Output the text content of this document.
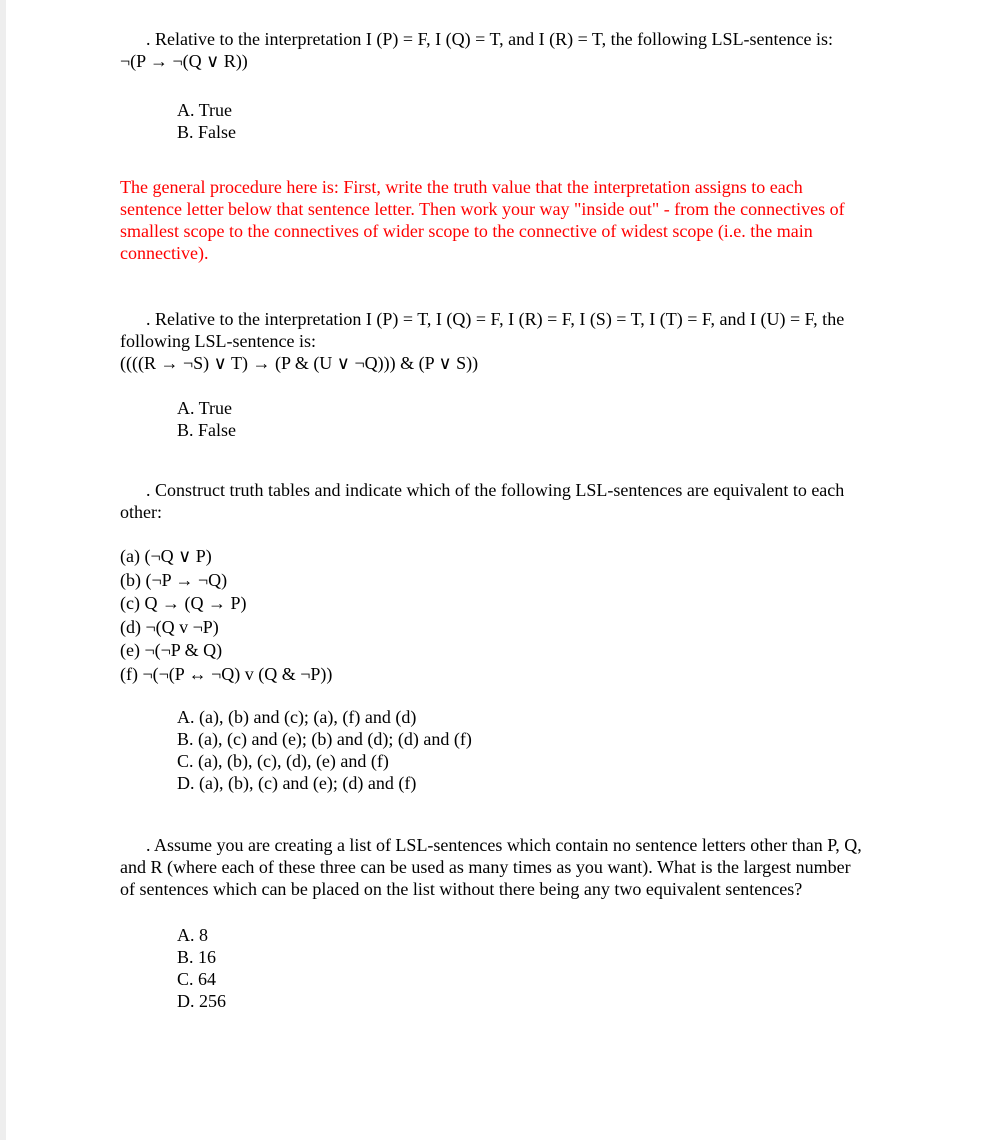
. Relative to the interpretation I (P) = F, I (Q) = T, and I (R) = T, the following LSL-sentence is:

¬(P → ¬(Q ∨ R))

A. True
B. False
The general procedure here is: First, write the truth value that the interpretation assigns to each sentence letter below that sentence letter. Then work your way "inside out" - from the connectives of smallest scope to the connectives of wider scope to the connective of widest scope (i.e. the main connective).

. Relative to the interpretation I (P) = T, I (Q) = F, I (R) = F, I (S) = T, I (T) = F, and I (U) = F, the following LSL-sentence is:

((((R → ¬S) ∨ T) → (P & (U ∨ ¬Q))) & (P ∨ S))

A. True
B. False

. Construct truth tables and indicate which of the following LSL-sentences are equivalent to each other:

(a) (¬Q ∨ P)
(b) (¬P → ¬Q)
(c) Q → (Q → P)
(d) ¬(Q v ¬P)
(e) ¬(¬P & Q)
(f) ¬(¬(P ↔ ¬Q) v (Q & ¬P))
A. (a), (b) and (c); (a), (f) and (d)
B. (a), (c) and (e); (b) and (d); (d) and (f)
C. (a), (b), (c), (d), (e) and (f)
D. (a), (b), (c) and (e); (d) and (f)

. Assume you are creating a list of LSL-sentences which contain no sentence letters other than P, Q, and R (where each of these three can be used as many times as you want). What is the largest number of sentences which can be placed on the list without there being any two equivalent sentences?

A. 8
B. 16
C. 64
D. 256
